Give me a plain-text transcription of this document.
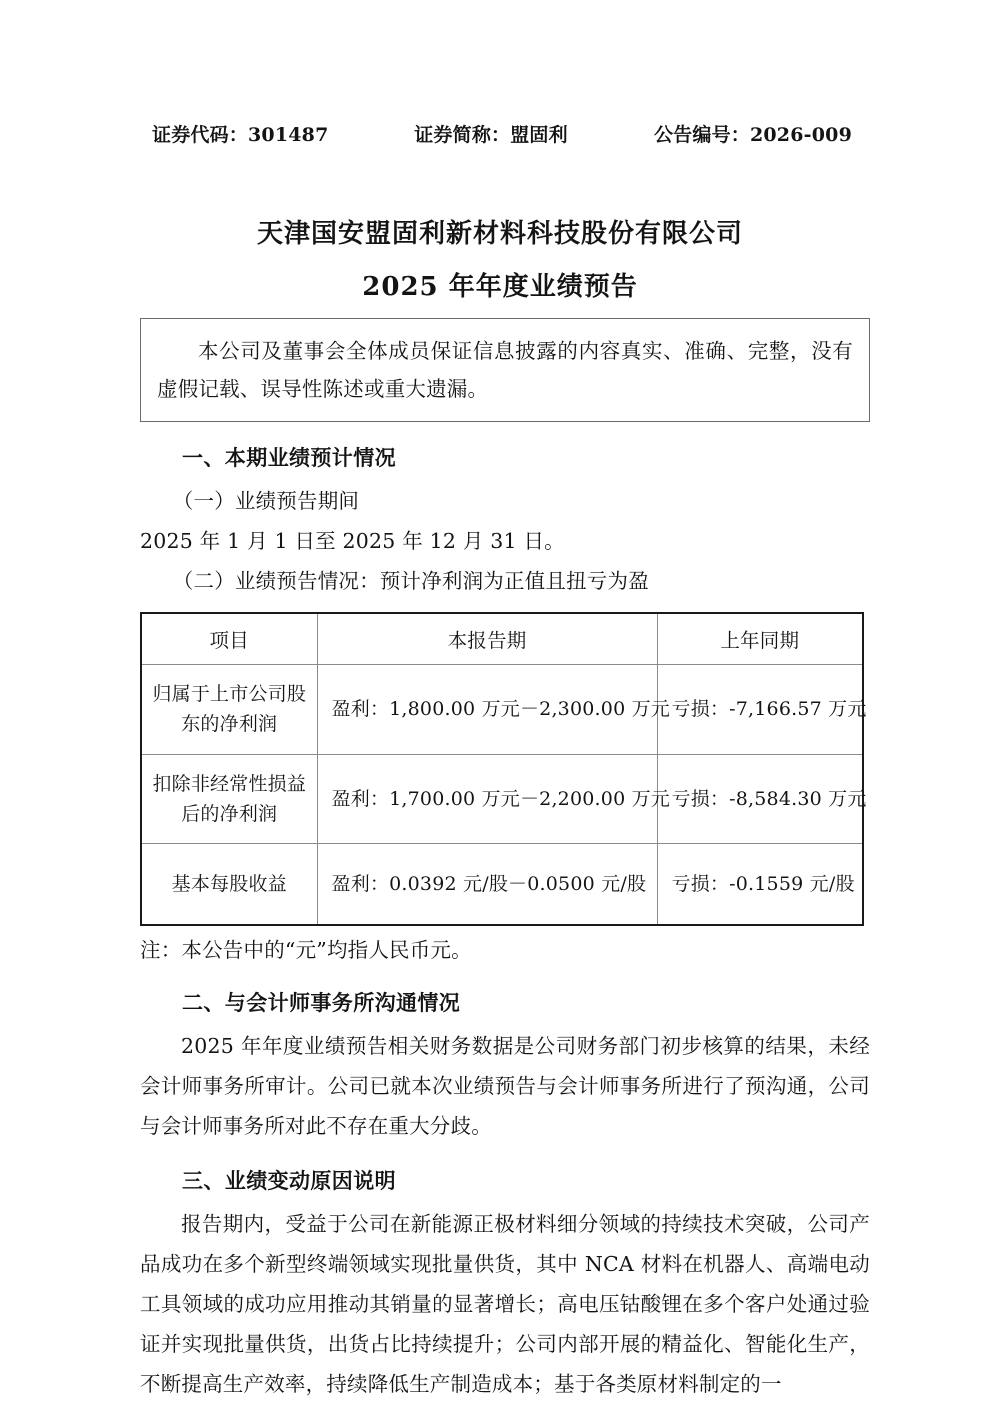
证券代码：301487	证券简称：盟固利	公告编号：2026-009
天津国安盟固利新材料科技股份有限公司
2025 年年度业绩预告

本公司及董事会全体成员保证信息披露的内容真实、准确、完整，没有虚假记载、误导性陈述或重大遗漏。

一、本期业绩预计情况

（一）业绩预告期间

2025 年 1 月 1 日至 2025 年 12 月 31 日。

（二）业绩预告情况：预计净利润为正值且扭亏为盈

项目	本报告期	上年同期
归属于上市公司股东的净利润	盈利：1,800.00 万元－2,300.00 万元	亏损：-7,166.57 万元
扣除非经常性损益后的净利润	盈利：1,700.00 万元－2,200.00 万元	亏损：-8,584.30 万元
基本每股收益	盈利：0.0392 元/股－0.0500 元/股	亏损：-0.1559 元/股

注：本公告中的“元”均指人民币元。

二、与会计师事务所沟通情况

2025 年年度业绩预告相关财务数据是公司财务部门初步核算的结果，未经会计师事务所审计。公司已就本次业绩预告与会计师事务所进行了预沟通，公司与会计师事务所对此不存在重大分歧。

三、业绩变动原因说明

报告期内，受益于公司在新能源正极材料细分领域的持续技术突破，公司产品成功在多个新型终端领域实现批量供货，其中 NCA 材料在机器人、高端电动工具领域的成功应用推动其销量的显著增长；高电压钴酸锂在多个客户处通过验证并实现批量供货，出货占比持续提升；公司内部开展的精益化、智能化生产，不断提高生产效率，持续降低生产制造成本；基于各类原材料制定的一
